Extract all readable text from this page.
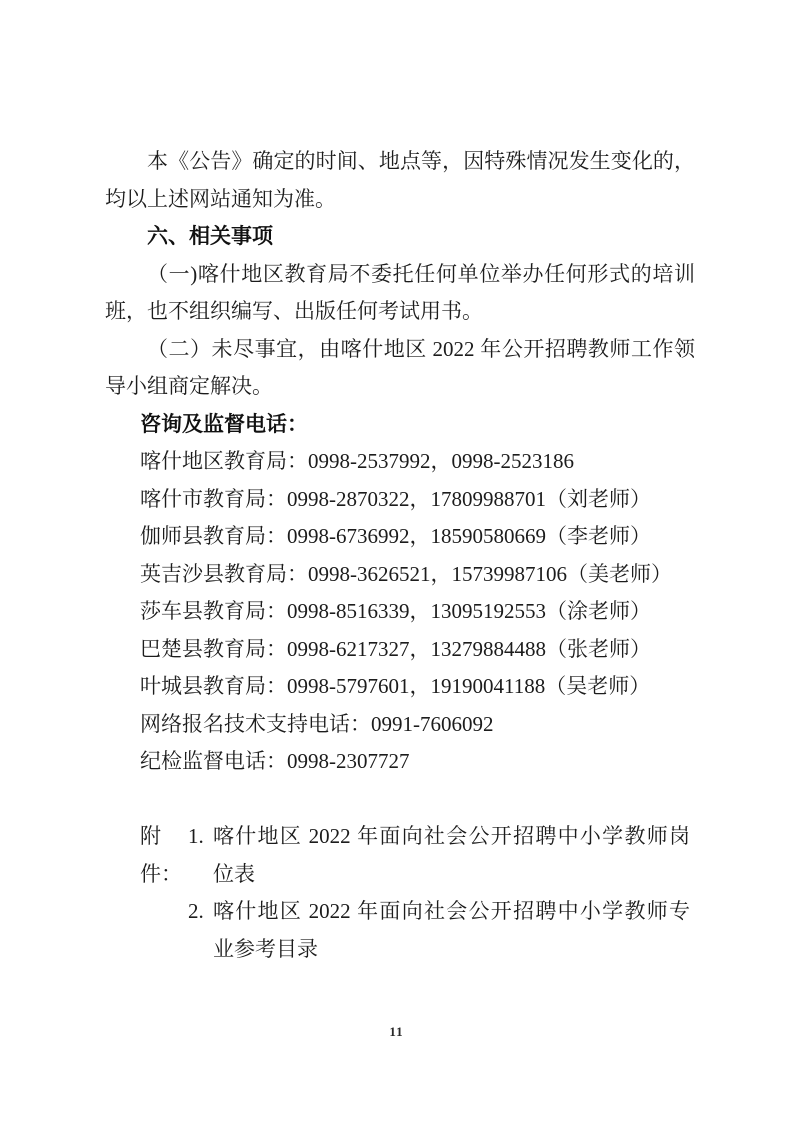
本《公告》确定的时间、地点等，因特殊情况发生变化的，
均以上述网站通知为准。
六、相关事项
（一)喀什地区教育局不委托任何单位举办任何形式的培训
班，也不组织编写、出版任何考试用书。
（二）未尽事宜，由喀什地区 2022 年公开招聘教师工作领
导小组商定解决。
咨询及监督电话：
喀什地区教育局：0998-2537992，0998-2523186
喀什市教育局：0998-2870322，17809988701（刘老师）
伽师县教育局：0998-6736992，18590580669（李老师）
英吉沙县教育局：0998-3626521，15739987106（美老师）
莎车县教育局：0998-8516339，13095192553（涂老师）
巴楚县教育局：0998-6217327，13279884488（张老师）
叶城县教育局：0998-5797601，19190041188（吴老师）
网络报名技术支持电话：0991-7606092
纪检监督电话：0998-2307727
附件：
1. 喀什地区 2022 年面向社会公开招聘中小学教师岗
位表
2. 喀什地区 2022 年面向社会公开招聘中小学教师专
业参考目录
11
